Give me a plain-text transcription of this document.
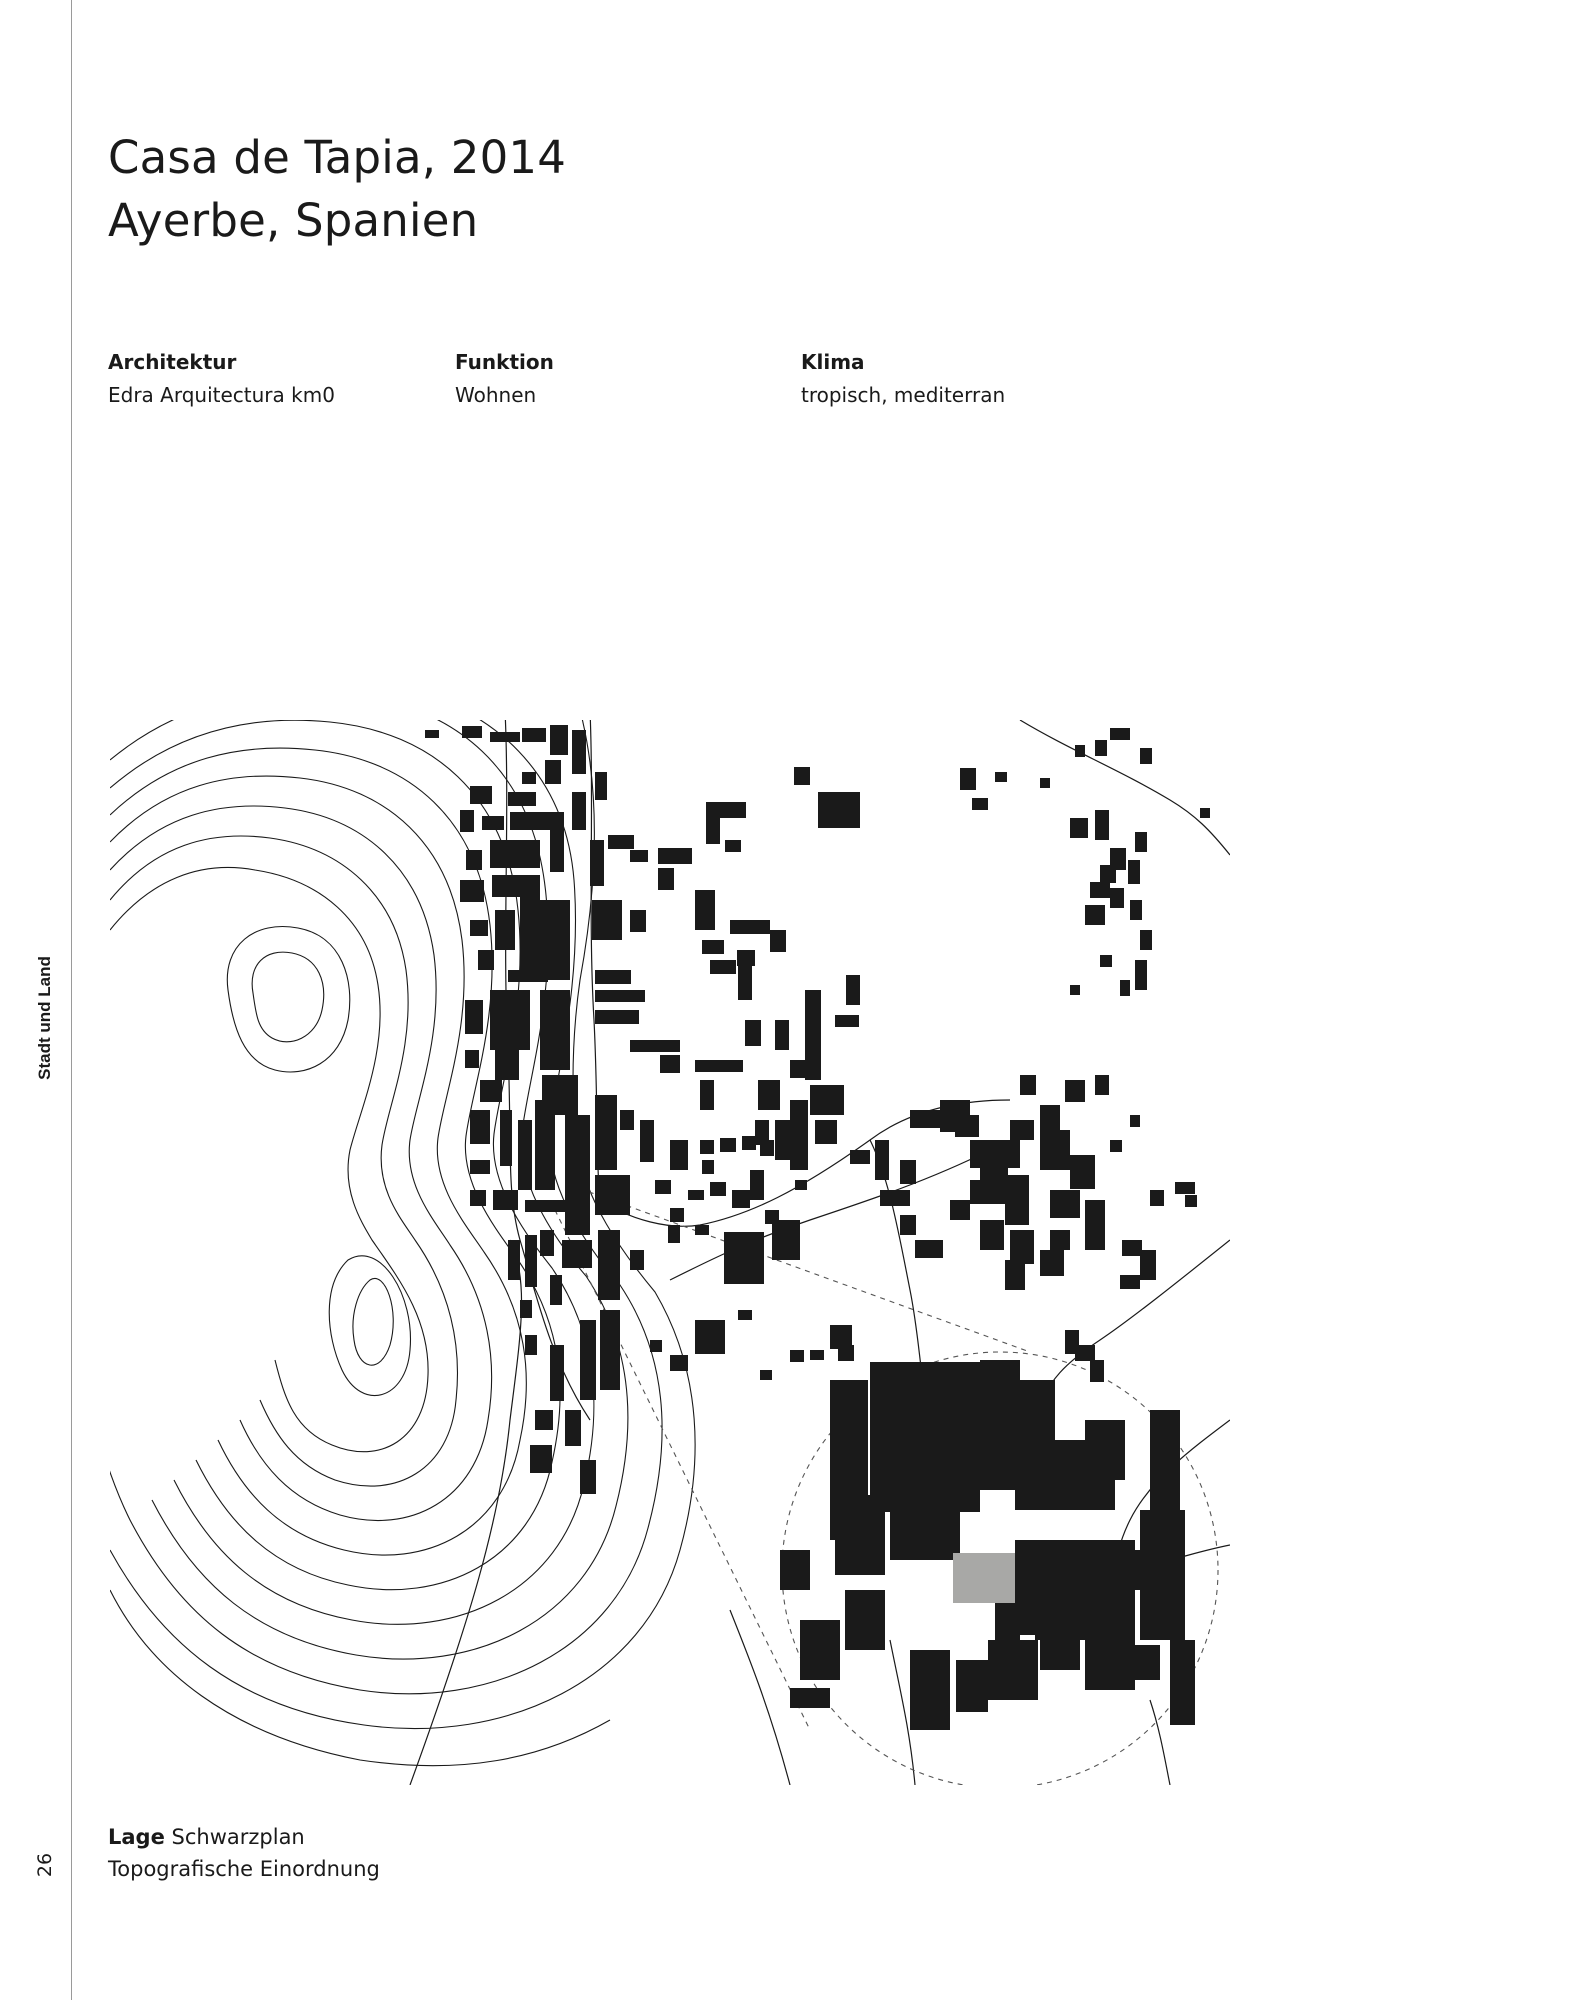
Stadt und Land
26
Casa de Tapia, 2014
Ayerbe, Spanien
Architektur
Edra Arquitectura km0
Funktion
Wohnen
Klima
tropisch, mediterran
Lage Schwarzplan
Topografische Einordnung
